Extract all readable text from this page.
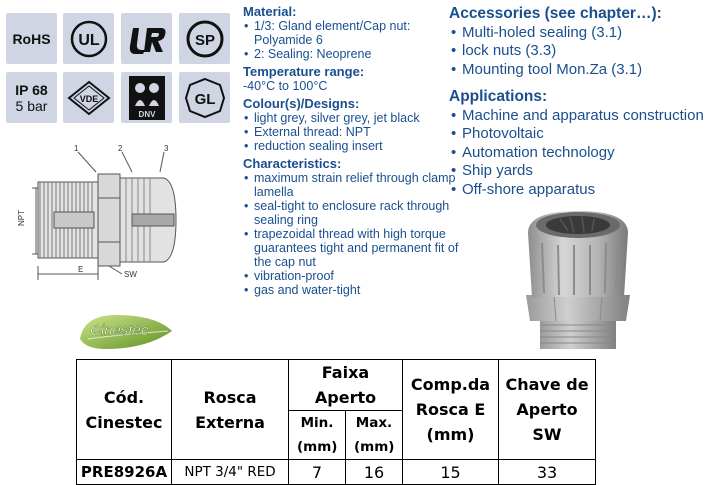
RoHS UL	SP
IP 68
5 bar	VDE
DNV
GL
1	2	3
NPT
E
SW
Cinestec
Material:
• 1/3: Gland element/Cap nut:
Polyamide 6
• 2: Sealing: Neoprene
Temperature range:
-40°C to 100°C
Colour(s)/Designs:
• light grey, silver grey, jet black
• External thread: NPT
• reduction sealing insert
Characteristics:
• maximum strain relief through clamp lamella
• seal-tight to enclosure rack through sealing ring
• trapezoidal thread with high torque guarantees tight and permanent fit of the cap nut
• vibration-proof
• gas and water-tight
Accessories (see chapter…):
• Multi-holed sealing (3.1)
• lock nuts (3.3)
• Mounting tool Mon.Za (3.1)
Applications:
• Machine and apparatus construction
• Photovoltaic
• Automation technology
• Ship yards
• Off-shore apparatus
Cód. Cinestec	Rosca Externa	Faixa Aperto		Comp.da Rosca E (mm)	Chave de Aperto SW

		Min. (mm)	Max. (mm)		

PRE8926A	NPT 3/4" RED	7	16	15	33
